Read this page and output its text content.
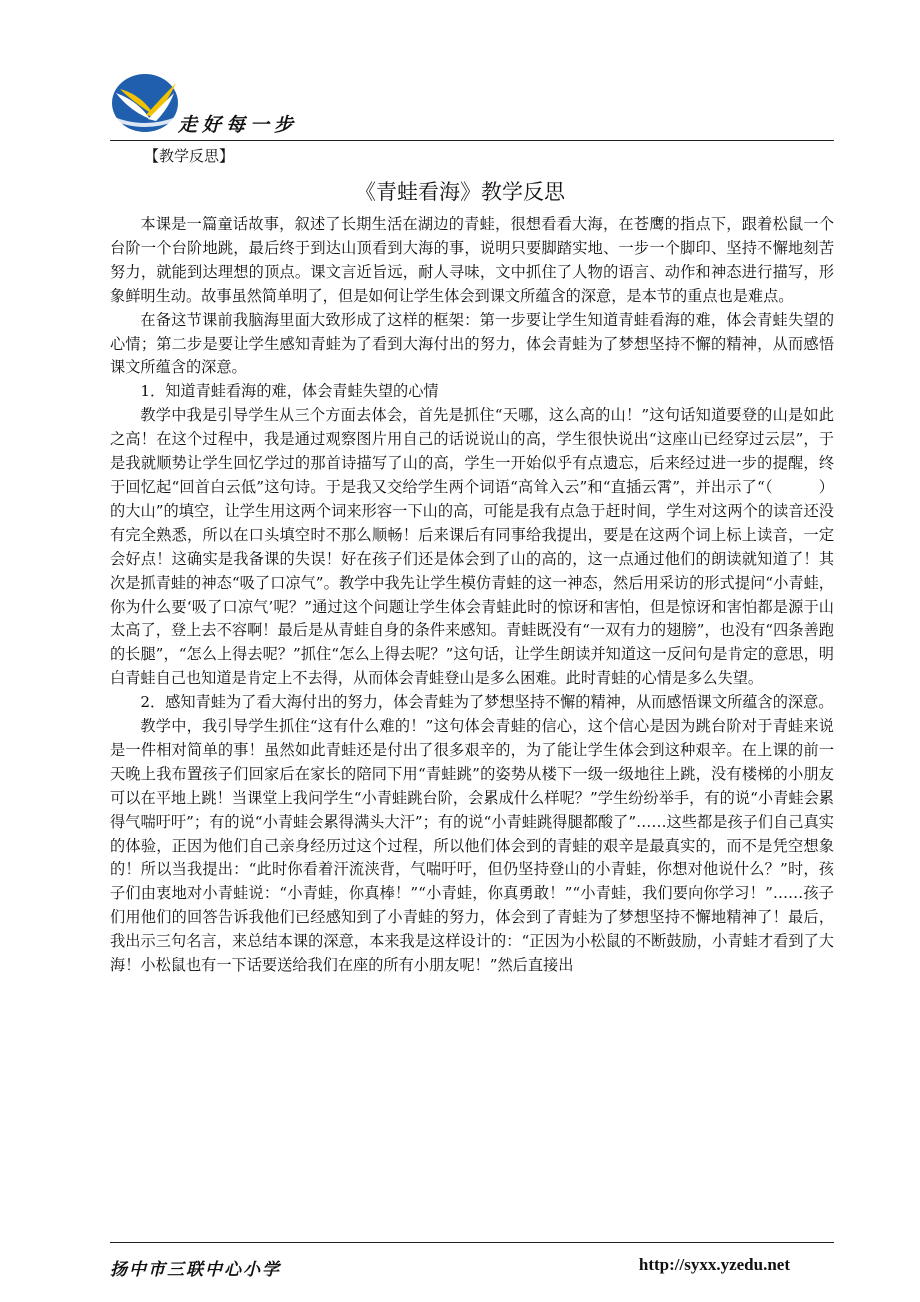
走好每一步
【教学反思】
《青蛙看海》教学反思

本课是一篇童话故事，叙述了长期生活在湖边的青蛙，很想看看大海，在苍鹰的指点下，跟着松鼠一个台阶一个台阶地跳，最后终于到达山顶看到大海的事，说明只要脚踏实地、一步一个脚印、坚持不懈地刻苦努力，就能到达理想的顶点。课文言近旨远，耐人寻味，文中抓住了人物的语言、动作和神态进行描写，形象鲜明生动。故事虽然简单明了，但是如何让学生体会到课文所蕴含的深意，是本节的重点也是难点。

在备这节课前我脑海里面大致形成了这样的框架：第一步要让学生知道青蛙看海的难，体会青蛙失望的心情；第二步是要让学生感知青蛙为了看到大海付出的努力，体会青蛙为了梦想坚持不懈的精神，从而感悟课文所蕴含的深意。

1．知道青蛙看海的难，体会青蛙失望的心情

教学中我是引导学生从三个方面去体会，首先是抓住“天哪，这么高的山！”这句话知道要登的山是如此之高！在这个过程中，我是通过观察图片用自己的话说说山的高，学生很快说出“这座山已经穿过云层”，于是我就顺势让学生回忆学过的那首诗描写了山的高，学生一开始似乎有点遗忘，后来经过进一步的提醒，终于回忆起“回首白云低”这句诗。于是我又交给学生两个词语“高耸入云”和“直插云霄”，并出示了“（　　　）的大山”的填空，让学生用这两个词来形容一下山的高，可能是我有点急于赶时间，学生对这两个的读音还没有完全熟悉，所以在口头填空时不那么顺畅！后来课后有同事给我提出，要是在这两个词上标上读音，一定会好点！这确实是我备课的失误！好在孩子们还是体会到了山的高的，这一点通过他们的朗读就知道了！其次是抓青蛙的神态“吸了口凉气”。教学中我先让学生模仿青蛙的这一神态，然后用采访的形式提问“小青蛙，你为什么要‘吸了口凉气’呢？”通过这个问题让学生体会青蛙此时的惊讶和害怕，但是惊讶和害怕都是源于山太高了，登上去不容啊！最后是从青蛙自身的条件来感知。青蛙既没有“一双有力的翅膀”，也没有“四条善跑的长腿”，“怎么上得去呢？”抓住“怎么上得去呢？”这句话，让学生朗读并知道这一反问句是肯定的意思，明白青蛙自己也知道是肯定上不去得，从而体会青蛙登山是多么困难。此时青蛙的心情是多么失望。

2．感知青蛙为了看大海付出的努力，体会青蛙为了梦想坚持不懈的精神，从而感悟课文所蕴含的深意。

教学中，我引导学生抓住“这有什么难的！”这句体会青蛙的信心，这个信心是因为跳台阶对于青蛙来说是一件相对简单的事！虽然如此青蛙还是付出了很多艰辛的，为了能让学生体会到这种艰辛。在上课的前一天晚上我布置孩子们回家后在家长的陪同下用“青蛙跳”的姿势从楼下一级一级地往上跳，没有楼梯的小朋友可以在平地上跳！当课堂上我问学生“小青蛙跳台阶，会累成什么样呢？”学生纷纷举手，有的说“小青蛙会累得气喘吁吁”；有的说“小青蛙会累得满头大汗”；有的说“小青蛙跳得腿都酸了”……这些都是孩子们自己真实的体验，正因为他们自己亲身经历过这个过程，所以他们体会到的青蛙的艰辛是最真实的，而不是凭空想象的！所以当我提出：“此时你看着汗流浃背，气喘吁吁，但仍坚持登山的小青蛙，你想对他说什么？”时，孩子们由衷地对小青蛙说：“小青蛙，你真棒！”“小青蛙，你真勇敢！”“小青蛙，我们要向你学习！”……孩子们用他们的回答告诉我他们已经感知到了小青蛙的努力，体会到了青蛙为了梦想坚持不懈地精神了！最后，我出示三句名言，来总结本课的深意，本来我是这样设计的：“正因为小松鼠的不断鼓励，小青蛙才看到了大海！小松鼠也有一下话要送给我们在座的所有小朋友呢！”然后直接出

扬中市三联中心小学	http://syxx.yzedu.net
